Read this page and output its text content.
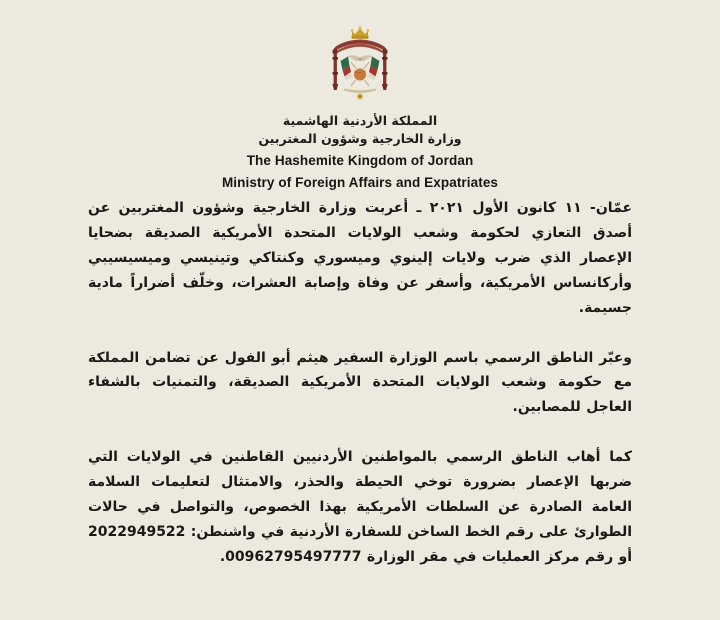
المملكة الأردنية الهاشمية
وزارة الخارجية وشؤون المغتربين
The Hashemite Kingdom of Jordan
Ministry of Foreign Affairs and Expatriates

عمّان- ١١ كانون الأول ٢٠٢١ ـ أعربت وزارة الخارجية وشؤون المغتربين عن أصدق التعازي لحكومة وشعب الولايات المتحدة الأمريكية الصديقة بضحايا الإعصار الذي ضرب ولايات إلينوي وميسوري وكنتاكي وتينيسي وميسيسيبي وأركانساس الأمريكية، وأسفر عن وفاة وإصابة العشرات، وخلّف أضراراً مادية جسيمة.

وعبّر الناطق الرسمي باسم الوزارة السفير هيثم أبو الفول عن تضامن المملكة مع حكومة وشعب الولايات المتحدة الأمريكية الصديقة، والتمنيات بالشفاء العاجل للمصابين.

كما أهاب الناطق الرسمي بالمواطنين الأردنيين القاطنين في الولايات التي ضربها الإعصار بضرورة توخي الحيطة والحذر، والامتثال لتعليمات السلامة العامة الصادرة عن السلطات الأمريكية بهذا الخصوص، والتواصل في حالات الطوارئ على رقم الخط الساخن للسفارة الأردنية في واشنطن: 2022949522 أو رقم مركز العمليات في مقر الوزارة 00962795497777.
